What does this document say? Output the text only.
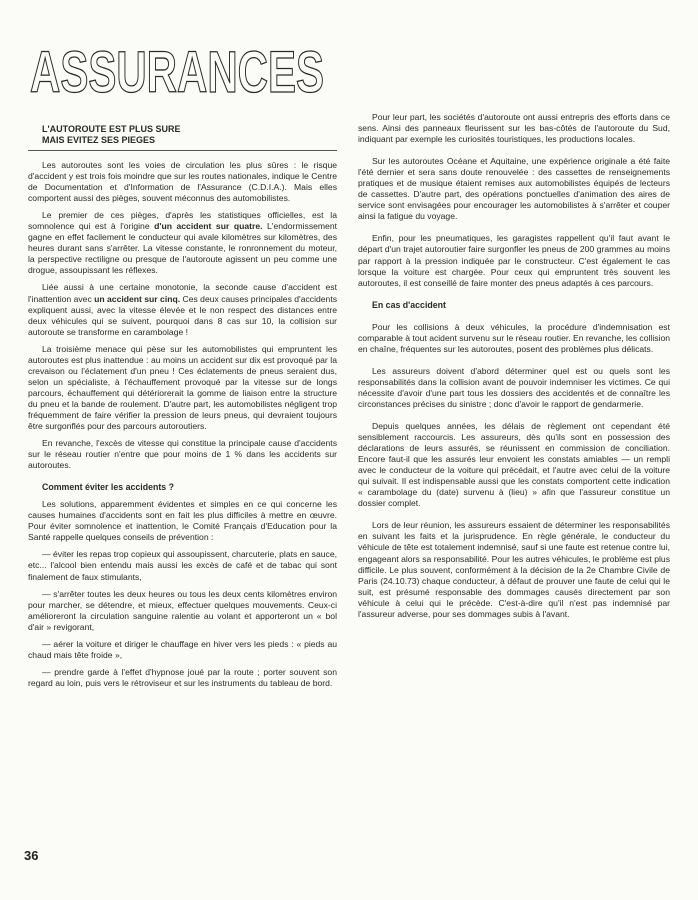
ASSURANCES

L'AUTOROUTE EST PLUS SURE

MAIS EVITEZ SES PIEGES

Les autoroutes sont les voies de circulation les plus sûres : le risque d'accident y est trois fois moindre que sur les routes nationales, indique le Centre de Documentation et d'Information de l'Assurance (C.D.I.A.). Mais elles comportent aussi des pièges, souvent méconnus des automobilistes.

Le premier de ces pièges, d'après les statistiques officielles, est la somnolence qui est à l'origine d'un accident sur quatre. L'endormissement gagne en effet facilement le conducteur qui avale kilomètres sur kilomètres, des heures durant sans s'arrêter. La vitesse constante, le ronronnement du moteur, la perspective rectiligne ou presque de l'autoroute agissent un peu comme une drogue, assoupissant les réflexes.

Liée aussi à une certaine monotonie, la seconde cause d'accident est l'inattention avec un accident sur cinq. Ces deux causes principales d'accidents expliquent aussi, avec la vitesse élevée et le non respect des distances entre deux véhicules qui se suivent, pourquoi dans 8 cas sur 10, la collision sur autoroute se transforme en carambolage !

La troisième menace qui pèse sur les automobilistes qui empruntent les autoroutes est plus inattendue : au moins un accident sur dix est provoqué par la crevaison ou l'éclatement d'un pneu ! Ces éclatements de pneus seraient dus, selon un spécialiste, à l'échauffement provoqué par la vitesse sur de longs parcours, échauffement qui détériorerait la gomme de liaison entre la structure du pneu et la bande de roulement. D'autre part, les automobilistes négligent trop fréquemment de faire vérifier la pression de leurs pneus, qui devraient toujours être surgonflés pour des parcours autoroutiers.

En revanche, l'excès de vitesse qui constitue la principale cause d'accidents sur le réseau routier n'entre que pour moins de 1 % dans les accidents sur autoroutes.

Comment éviter les accidents ?

Les solutions, apparemment évidentes et simples en ce qui concerne les causes humaines d'accidents sont en fait les plus difficiles à mettre en œuvre. Pour éviter somnolence et inattention, le Comité Français d'Education pour la Santé rappelle quelques conseils de prévention :

— éviter les repas trop copieux qui assoupissent, charcuterie, plats en sauce, etc... l'alcool bien entendu mais aussi les excès de café et de tabac qui sont finalement de faux stimulants,

— s'arrêter toutes les deux heures ou tous les deux cents kilomètres environ pour marcher, se détendre, et mieux, effectuer quelques mouvements. Ceux-ci amélioreront la circulation sanguine ralentie au volant et apporteront un « bol d'air » revigorant,

— aérer la voiture et diriger le chauffage en hiver vers les pieds : « pieds au chaud mais tête froide »,

— prendre garde à l'effet d'hypnose joué par la route ; porter souvent son regard au loin, puis vers le rétroviseur et sur les instruments du tableau de bord.

Pour leur part, les sociétés d'autoroute ont aussi entrepris des efforts dans ce sens. Ainsi des panneaux fleurissent sur les bas-côtés de l'autoroute du Sud, indiquant par exemple les curiosités touristiques, les productions locales.

Sur les autoroutes Océane et Aquitaine, une expérience originale a été faite l'été dernier et sera sans doute renouvelée : des cassettes de renseignements pratiques et de musique étaient remises aux automobilistes équipés de lecteurs de cassettes. D'autre part, des opérations ponctuelles d'animation des aires de service sont envisagées pour encourager les automobilistes à s'arrêter et couper ainsi la fatigue du voyage.

Enfin, pour les pneumatiques, les garagistes rappellent qu'il faut avant le départ d'un trajet autoroutier faire surgonfler les pneus de 200 grammes au moins par rapport à la pression indiquée par le constructeur. C'est également le cas lorsque la voiture est chargée. Pour ceux qui empruntent très souvent les autoroutes, il est conseillé de faire monter des pneus adaptés à ces parcours.

En cas d'accident

Pour les collisions à deux véhicules, la procédure d'indemnisation est comparable à tout acident survenu sur le réseau routier. En revanche, les collision en chaîne, fréquentes sur les autoroutes, posent des problèmes plus délicats.

Les assureurs doivent d'abord déterminer quel est ou quels sont les responsabilités dans la collision avant de pouvoir indemniser les victimes. Ce qui nécessite d'avoir d'une part tous les dossiers des accidentés et de connaître les circonstances précises du sinistre ; donc d'avoir le rapport de gendarmerie.

Depuis quelques années, les délais de règlement ont cependant été sensiblement raccourcis. Les assureurs, dès qu'ils sont en possession des déclarations de leurs assurés, se réunissent en commission de conciliation. Encore faut-il que les assurés leur envoient les constats amiables — un rempli avec le conducteur de la voiture qui précédait, et l'autre avec celui de la voiture qui suivait. Il est indispensable aussi que les constats comportent cette indication « carambolage du (date) survenu à (lieu) » afin que l'assureur constitue un dossier complet.

Lors de leur réunion, les assureurs essaient de déterminer les responsabilités en suivant les faits et la jurisprudence. En règle générale, le conducteur du véhicule de tête est totalement indemnisé, sauf si une faute est retenue contre lui, engageant alors sa responsabilité. Pour les autres véhicules, le problème est plus difficile. Le plus souvent, conformément à la décision de la 2e Chambre Civile de Paris (24.10.73) chaque conducteur, à défaut de prouver une faute de celui qui le suit, est présumé responsable des dommages causés directement par son véhicule à celui qui le précède. C'est-à-dire qu'il n'est pas indemnisé par l'assureur adverse, pour ses dommages subis à l'avant.

36
